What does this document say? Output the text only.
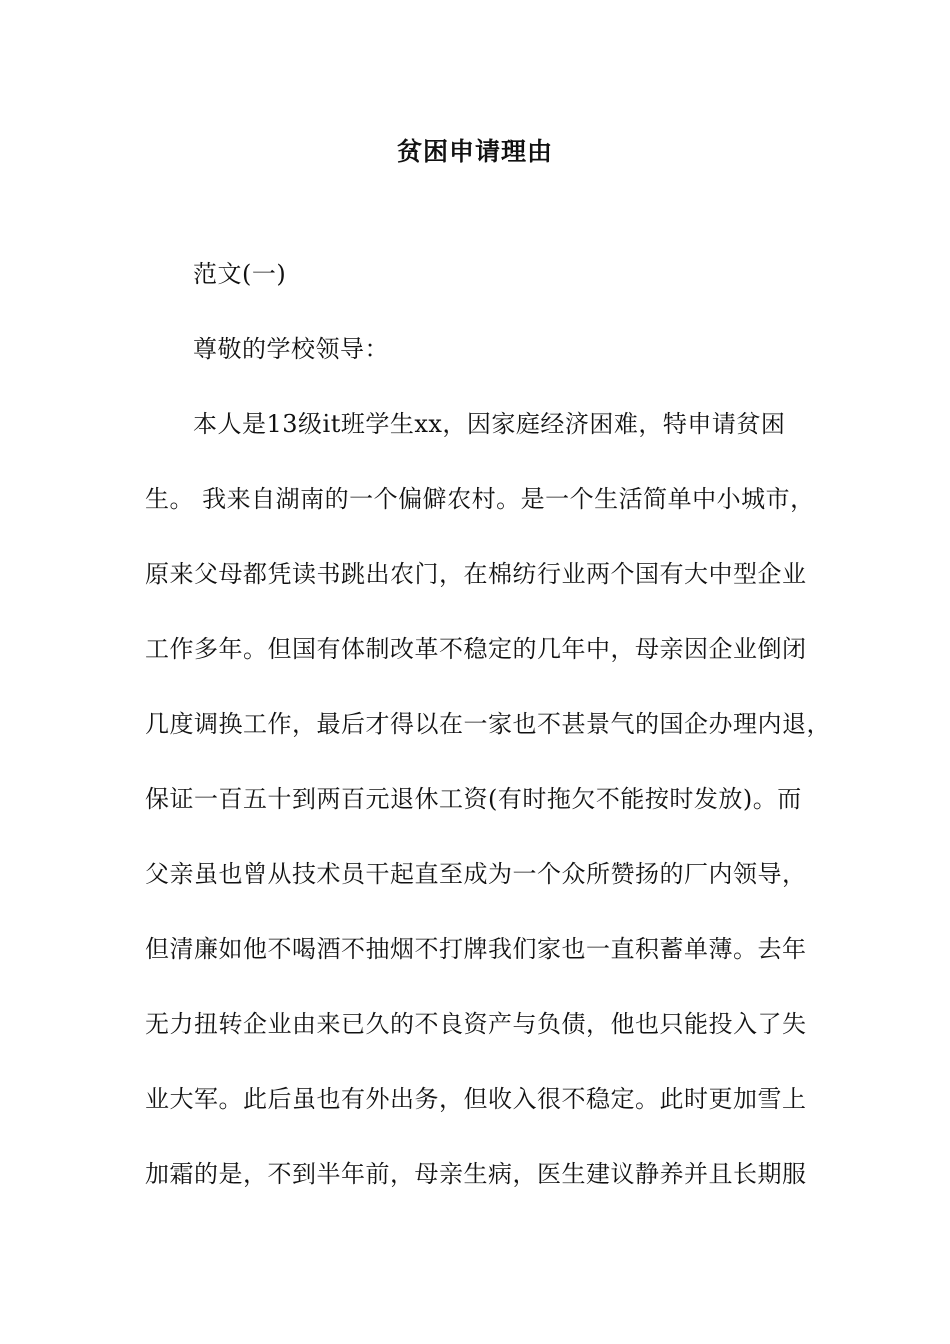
贫困申请理由
范文(一)
尊敬的学校领导：
本人是13级it班学生xx，因家庭经济困难，特申请贫困
生。 我来自湖南的一个偏僻农村。是一个生活简单中小城市，
原来父母都凭读书跳出农门，在棉纺行业两个国有大中型企业
工作多年。但国有体制改革不稳定的几年中，母亲因企业倒闭
几度调换工作，最后才得以在一家也不甚景气的国企办理内退，
保证一百五十到两百元退休工资(有时拖欠不能按时发放)。而
父亲虽也曾从技术员干起直至成为一个众所赞扬的厂内领导，
但清廉如他不喝酒不抽烟不打牌我们家也一直积蓄单薄。去年
无力扭转企业由来已久的不良资产与负债，他也只能投入了失
业大军。此后虽也有外出务，但收入很不稳定。此时更加雪上
加霜的是，不到半年前，母亲生病，医生建议静养并且长期服
